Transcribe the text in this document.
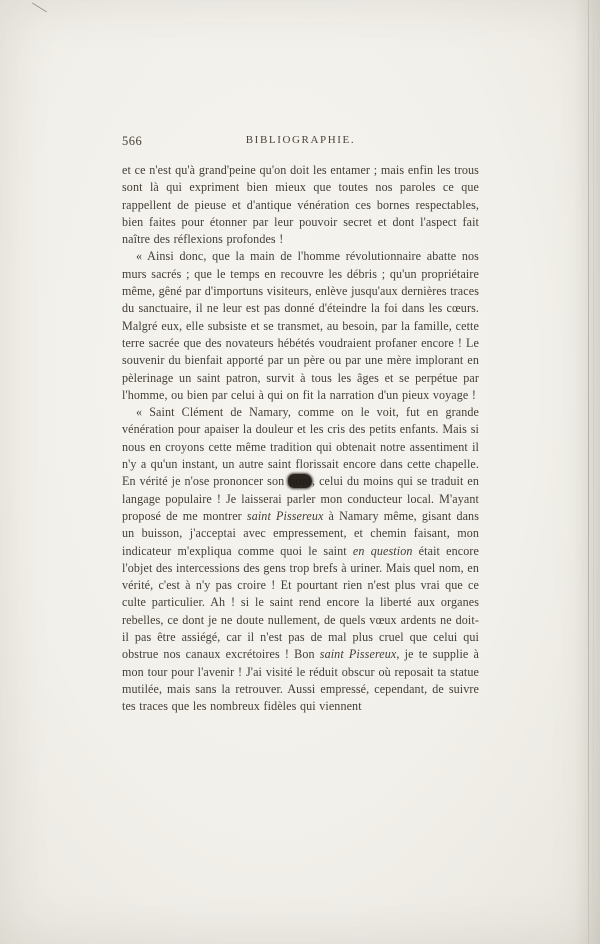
566	BIBLIOGRAPHIE.

et ce n'est qu'à grand'peine qu'on doit les entamer ; mais enfin les trous sont là qui expriment bien mieux que toutes nos paroles ce que rappellent de pieuse et d'antique vénération ces bornes respectables, bien faites pour étonner par leur pouvoir secret et dont l'aspect fait naître des réflexions profondes !

« Ainsi donc, que la main de l'homme révolutionnaire abatte nos murs sacrés ; que le temps en recouvre les débris ; qu'un propriétaire même, gêné par d'importuns visiteurs, enlève jusqu'aux dernières traces du sanctuaire, il ne leur est pas donné d'éteindre la foi dans les cœurs. Malgré eux, elle subsiste et se transmet, au besoin, par la famille, cette terre sacrée que des novateurs hébétés voudraient profaner encore ! Le souvenir du bienfait apporté par un père ou par une mère implorant en pèlerinage un saint patron, survit à tous les âges et se perpétue par l'homme, ou bien par celui à qui on fit la narration d'un pieux voyage !

« Saint Clément de Namary, comme on le voit, fut en grande vénération pour apaiser la douleur et les cris des petits enfants. Mais si nous en croyons cette même tradition qui obtenait notre assentiment il n'y a qu'un instant, un autre saint florissait encore dans cette chapelle. En vérité je n'ose prononcer son nom, celui du moins qui se traduit en langage populaire ! Je laisserai parler mon conducteur local. M'ayant proposé de me montrer saint Pissereux à Namary même, gisant dans un buisson, j'acceptai avec empressement, et chemin faisant, mon indicateur m'expliqua comme quoi le saint en question était encore l'objet des intercessions des gens trop brefs à uriner. Mais quel nom, en vérité, c'est à n'y pas croire ! Et pourtant rien n'est plus vrai que ce culte particulier. Ah ! si le saint rend encore la liberté aux organes rebelles, ce dont je ne doute nullement, de quels vœux ardents ne doit-il pas être assiégé, car il n'est pas de mal plus cruel que celui qui obstrue nos canaux excrétoires ! Bon saint Pissereux, je te supplie à mon tour pour l'avenir ! J'ai visité le réduit obscur où reposait ta statue mutilée, mais sans la retrouver. Aussi empressé, cependant, de suivre tes traces que les nombreux fidèles qui viennent
